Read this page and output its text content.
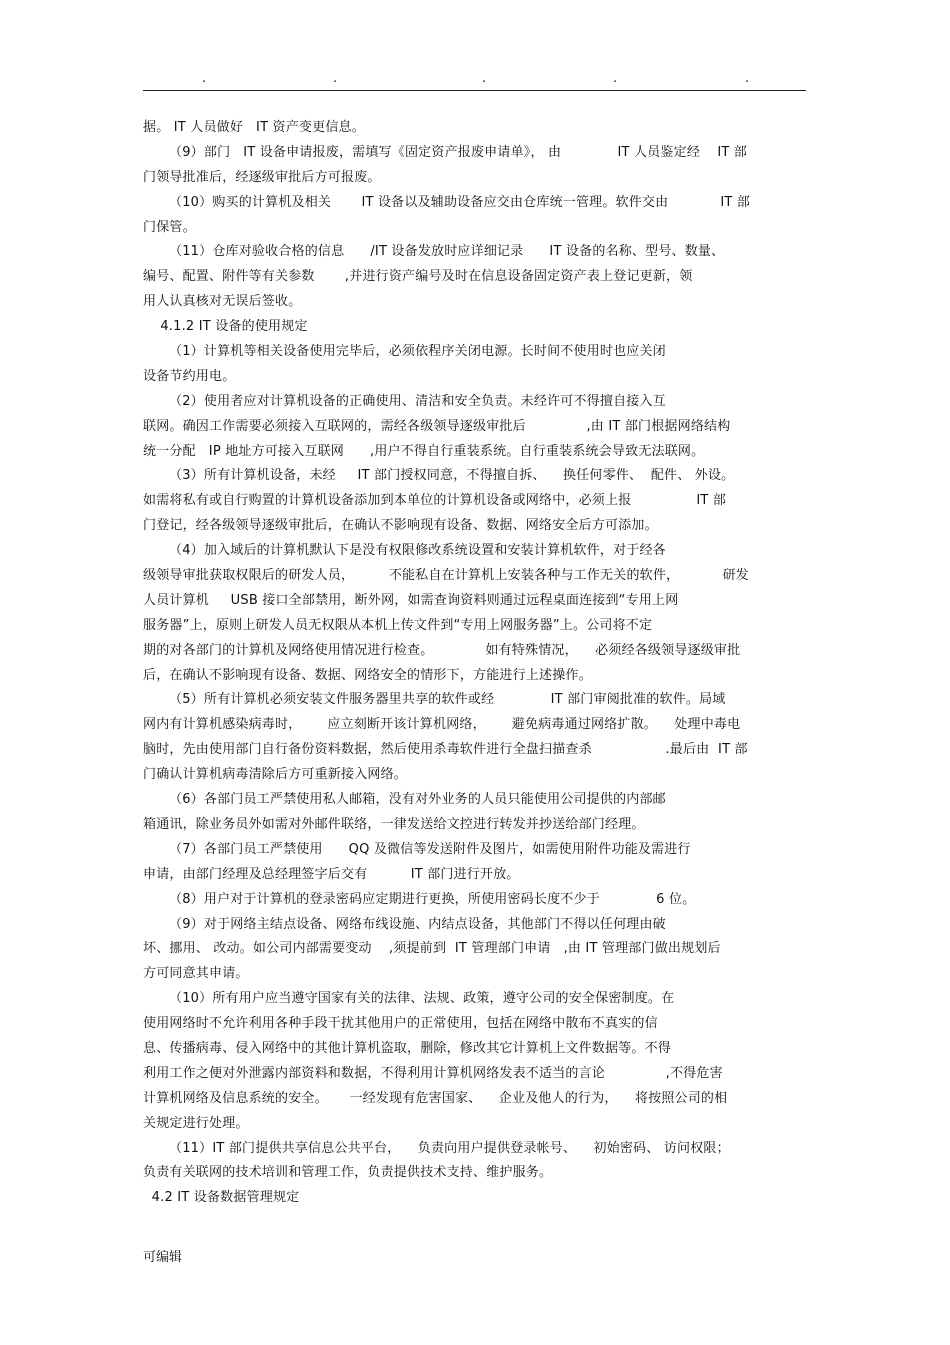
.	.	.	.	.
据。 IT 人员做好   IT 资产变更信息。
（9）部门   IT 设备申请报废，需填写《固定资产报废申请单》， 由             IT 人员鉴定经    IT 部
门领导批准后，经逐级审批后方可报废。
（10）购买的计算机及相关       IT 设备以及辅助设备应交由仓库统一管理。软件交由            IT 部
门保管。
（11）仓库对验收合格的信息      /IT 设备发放时应详细记录      IT 设备的名称、型号、数量、
编号、配置、附件等有关参数       ,并进行资产编号及时在信息设备固定资产表上登记更新，领
用人认真核对无误后签收。
4.1.2 IT 设备的使用规定
（1）计算机等相关设备使用完毕后，必须依程序关闭电源。长时间不使用时也应关闭
设备节约用电。
（2）使用者应对计算机设备的正确使用、清洁和安全负责。未经许可不得擅自接入互
联网。确因工作需要必须接入互联网的，需经各级领导逐级审批后              ,由 IT 部门根据网络结构
统一分配   IP 地址方可接入互联网      ,用户不得自行重装系统。自行重装系统会导致无法联网。
（3）所有计算机设备，未经     IT 部门授权同意，不得擅自拆、    换任何零件、  配件、 外设。
如需将私有或自行购置的计算机设备添加到本单位的计算机设备或网络中，必须上报               IT 部
门登记，经各级领导逐级审批后，在确认不影响现有设备、数据、网络安全后方可添加。
（4）加入域后的计算机默认下是没有权限修改系统设置和安装计算机软件，对于经各
级领导审批获取权限后的研发人员，        不能私自在计算机上安装各种与工作无关的软件，          研发
人员计算机     USB 接口全部禁用，断外网，如需查询资料则通过远程桌面连接到“专用上网
服务器”上，原则上研发人员无权限从本机上传文件到“专用上网服务器”上。公司将不定
期的对各部门的计算机及网络使用情况进行检查。            如有特殊情况，    必须经各级领导逐级审批
后，在确认不影响现有设备、数据、网络安全的情形下，方能进行上述操作。
（5）所有计算机必须安装文件服务器里共享的软件或经             IT 部门审阅批准的软件。局域
网内有计算机感染病毒时，      应立刻断开该计算机网络，      避免病毒通过网络扩散。    处理中毒电
脑时，先由使用部门自行备份资料数据，然后使用杀毒软件进行全盘扫描查杀                 .最后由  IT 部
门确认计算机病毒清除后方可重新接入网络。
（6）各部门员工严禁使用私人邮箱，没有对外业务的人员只能使用公司提供的内部邮
箱通讯，除业务员外如需对外邮件联络，一律发送给文控进行转发并抄送给部门经理。
（7）各部门员工严禁使用      QQ 及微信等发送附件及图片，如需使用附件功能及需进行
申请，由部门经理及总经理签字后交有          IT 部门进行开放。
（8）用户对于计算机的登录密码应定期进行更换，所使用密码长度不少于             6 位。
（9）对于网络主结点设备、网络布线设施、内结点设备，其他部门不得以任何理由破
坏、挪用、 改动。如公司内部需要变动    ,须提前到  IT 管理部门申请   ,由 IT 管理部门做出规划后
方可同意其申请。
（10）所有用户应当遵守国家有关的法律、法规、政策，遵守公司的安全保密制度。在
使用网络时不允许利用各种手段干扰其他用户的正常使用，包括在网络中散布不真实的信
息、传播病毒、侵入网络中的其他计算机盗取，删除，修改其它计算机上文件数据等。不得
利用工作之便对外泄露内部资料和数据，不得利用计算机网络发表不适当的言论              ,不得危害
计算机网络及信息系统的安全。     一经发现有危害国家、    企业及他人的行为，    将按照公司的相
关规定进行处理。
（11）IT 部门提供共享信息公共平台，    负责向用户提供登录帐号、    初始密码、 访问权限；
负责有关联网的技术培训和管理工作，负责提供技术支持、维护服务。
4.2 IT 设备数据管理规定
可编辑
